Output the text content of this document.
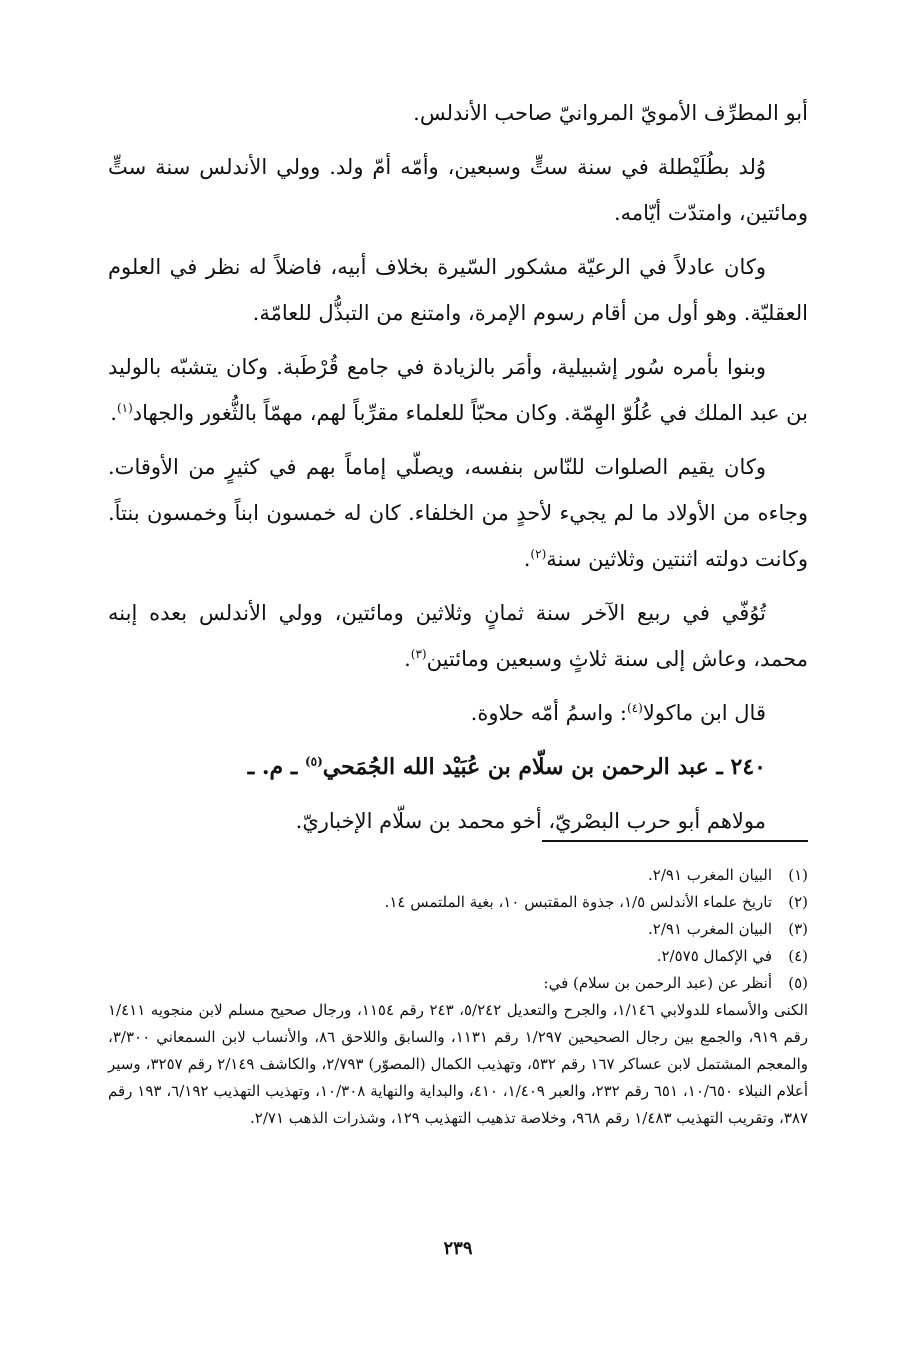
أبو المطرِّف الأمويّ المروانيّ صاحب الأندلس.

وُلد بطُلَيْطلة في سنة ستٍّ وسبعين، وأمّه أمّ ولد. وولي الأندلس سنة ستٍّ ومائتين، وامتدّت أيّامه.

وكان عادلاً في الرعيّة مشكور السّيرة بخلاف أبيه، فاضلاً له نظر في العلوم العقليّة. وهو أول من أقام رسوم الإمرة، وامتنع من التبذُّل للعامّة.

وبنوا بأمره سُور إشبيلية، وأمَر بالزيادة في جامع قُرْطَبة. وكان يتشبّه بالوليد بن عبد الملك في عُلُوّ الهِمّة. وكان محبّاً للعلماء مقرِّباً لهم، مهمّاً بالثُّغور والجهاد$^{(١)}$.

وكان يقيم الصلوات للنّاس بنفسه، ويصلّي إماماً بهم في كثيرٍ من الأوقات. وجاءه من الأولاد ما لم يجيء لأحدٍ من الخلفاء. كان له خمسون ابناً وخمسون بنتاً. وكانت دولته اثنتين وثلاثين سنة$^{(٢)}$.

تُوُفّي في ربيع الآخر سنة ثمانٍ وثلاثين ومائتين، وولي الأندلس بعده إبنه محمد، وعاش إلى سنة ثلاثٍ وسبعين ومائتين$^{(٣)}$.

قال ابن ماكولا$^{(٤)}$: واسمُ أمّه حلاوة.

٢٤٠ ـ عبد الرحمن بن سلّام بن عُبَيْد الله الجُمَحي$^{(٥)}$ ـ م. ـ

مولاهم أبو حرب البصْريّ، أخو محمد بن سلّام الإخباريّ.

(١)
البيان المغرب ٢/٩١.

(٢)
تاريخ علماء الأندلس ١/٥، جذوة المقتبس ١٠، بغية الملتمس ١٤.

(٣)
البيان المغرب ٢/٩١.

(٤)
في الإكمال ٢/٥٧٥.

(٥)
أنظر عن (عبد الرحمن بن سلام) في:
الكنى والأسماء للدولابي ١/١٤٦، والجرح والتعديل ٥/٢٤٢، ٢٤٣ رقم ١١٥٤، ورجال صحيح مسلم لابن منجويه ١/٤١١ رقم ٩١٩، والجمع بين رجال الصحيحين ١/٢٩٧ رقم ١١٣١، والسابق واللاحق ٨٦، والأنساب لابن السمعاني ٣/٣٠٠، والمعجم المشتمل لابن عساكر ١٦٧ رقم ٥٣٢، وتهذيب الكمال (المصوّر) ٢/٧٩٣، والكاشف ٢/١٤٩ رقم ٣٢٥٧، وسير أعلام النبلاء ١٠/٦٥٠، ٦٥١ رقم ٢٣٢، والعبر ١/٤٠٩، ٤١٠، والبداية والنهاية ١٠/٣٠٨، وتهذيب التهذيب ٦/١٩٢، ١٩٣ رقم ٣٨٧، وتقريب التهذيب ١/٤٨٣ رقم ٩٦٨، وخلاصة تذهيب التهذيب ١٢٩، وشذرات الذهب ٢/٧١.
٢٣٩
